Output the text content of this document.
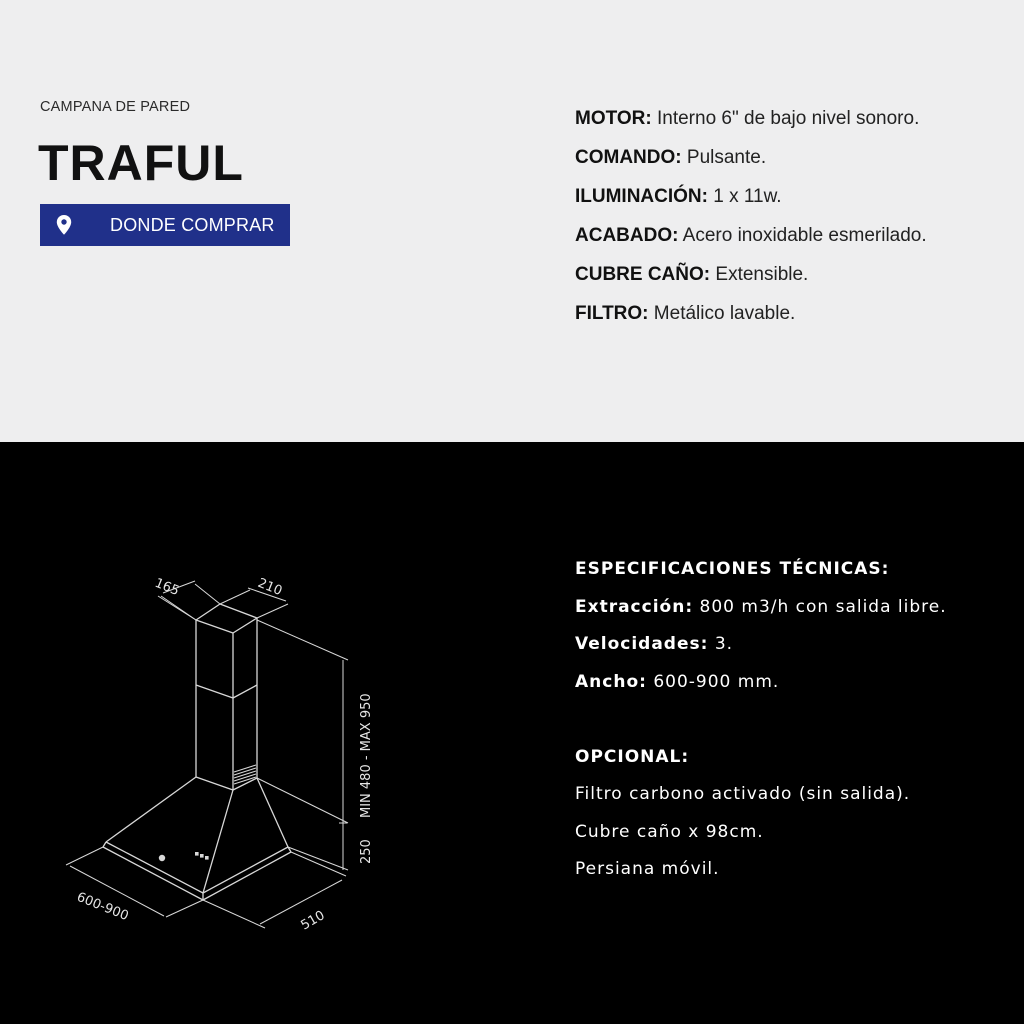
CAMPANA DE PARED
TRAFUL
DONDE COMPRAR
MOTOR: Interno 6" de bajo nivel sonoro.
COMANDO: Pulsante.
ILUMINACIÓN: 1 x 11w.
ACABADO: Acero inoxidable esmerilado.
CUBRE CAÑO: Extensible.
FILTRO: Metálico lavable.
165	210
MIN 480 - MAX 950
250
600-900	510
ESPECIFICACIONES TÉCNICAS:
Extracción: 800 m3/h con salida libre.
Velocidades: 3.
Ancho: 600-900 mm.
OPCIONAL:
Filtro carbono activado (sin salida).
Cubre caño x 98cm.
Persiana móvil.
